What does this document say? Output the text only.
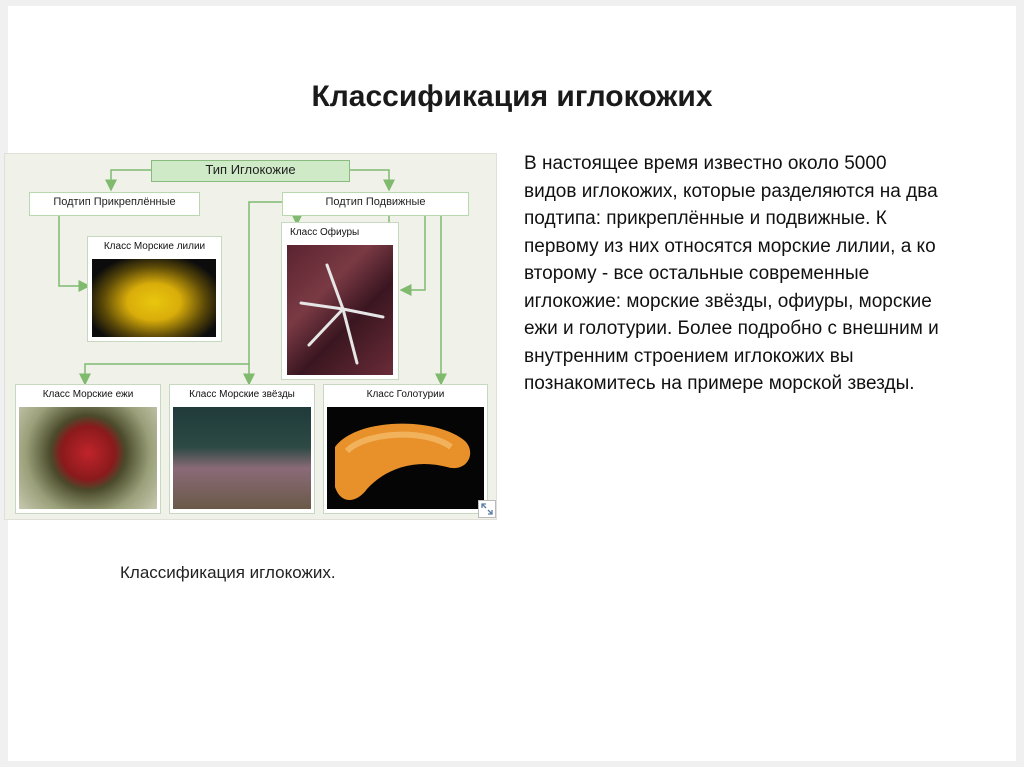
Классификация иглокожих
Тип Иглокожие
Подтип Прикреплённые	Подтип Подвижные
Класс Морские лилии
Класс Офиуры
Класс Морские ежи	Класс Морские звёзды	Класс Голотурии
В настоящее время известно около 5000
видов иглокожих, которые разделяются на два
подтипа: прикреплённые и подвижные. К
первому из них относятся морские лилии, а ко
второму - все остальные современные
иглокожие: морские звёзды, офиуры, морские
ежи и голотурии. Более подробно с внешним и
внутренним строением иглокожих вы
познакомитесь на примере морской звезды.
Классификация иглокожих.
